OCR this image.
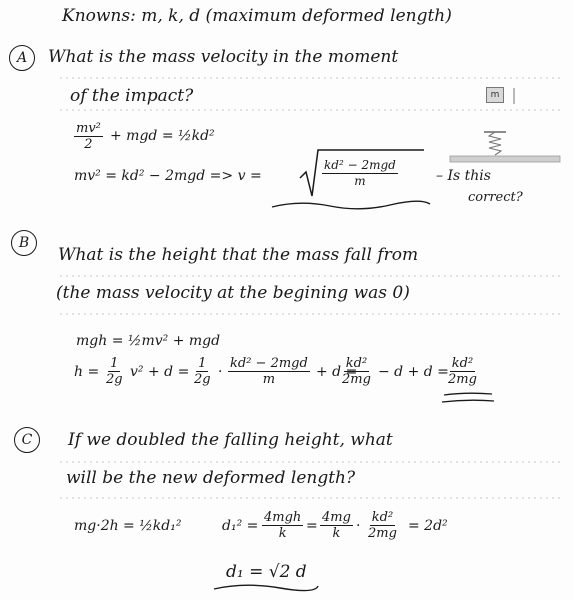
Knowns: m, k, d (maximum deformed length)
A	What is the mass velocity in the moment
of the impact?
$\frac{\text{mv²}}{2}$ + mgd = ½kd²
mv² = kd² − 2mgd => v =
kd² − 2mgd
m	– Is this
correct?
m
B
What is the height that the mass fall from
(the mass velocity at the begining was 0)
mgh = ½mv² + mgd
$h = \frac{1}{2g} v^2 + d = \frac{1}{2g}$ ·
kd² − 2mgd
m	+ d =
$\frac{\text{kd²}}{2mg} - d + d$ =
$\frac{\text{kd²}}{2mg}$
C	If we doubled the falling height, what
will be the new deformed length?
mg·2h = ½kd₁²	d₁² =
4mgh
$k = \frac{4mg}{k} \cdot \frac{\text{kd²}}{2mg} = 2d^2$
d₁ = √2 d
